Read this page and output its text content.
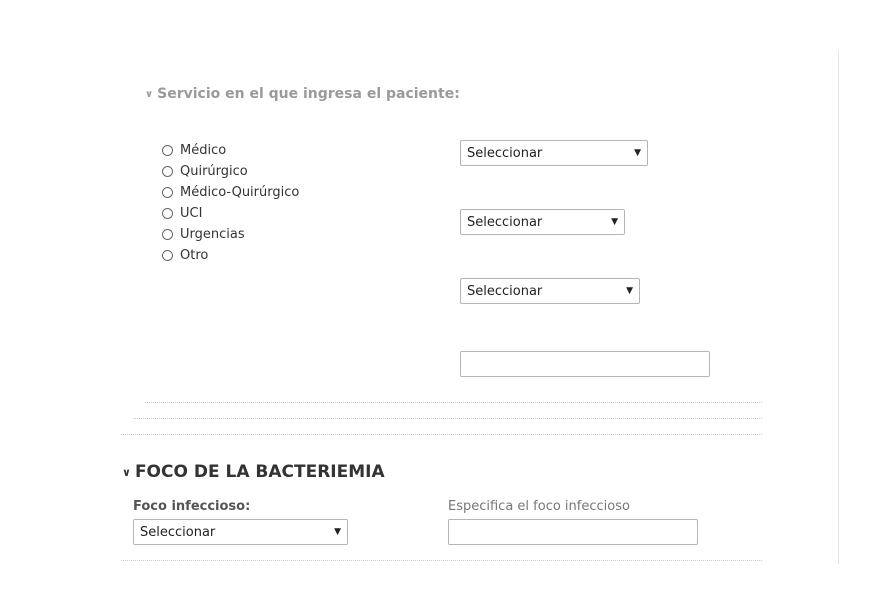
∨ Servicio en el que ingresa el paciente:
Médico
Quirúrgico
Médico-Quirúrgico
UCI
Urgencias
Otro
Seleccionar	▼
Seleccionar	▼
Seleccionar	▼
∨ FOCO DE LA BACTERIEMIA
Foco infeccioso:
Seleccionar	▼
Especifica el foco infeccioso
